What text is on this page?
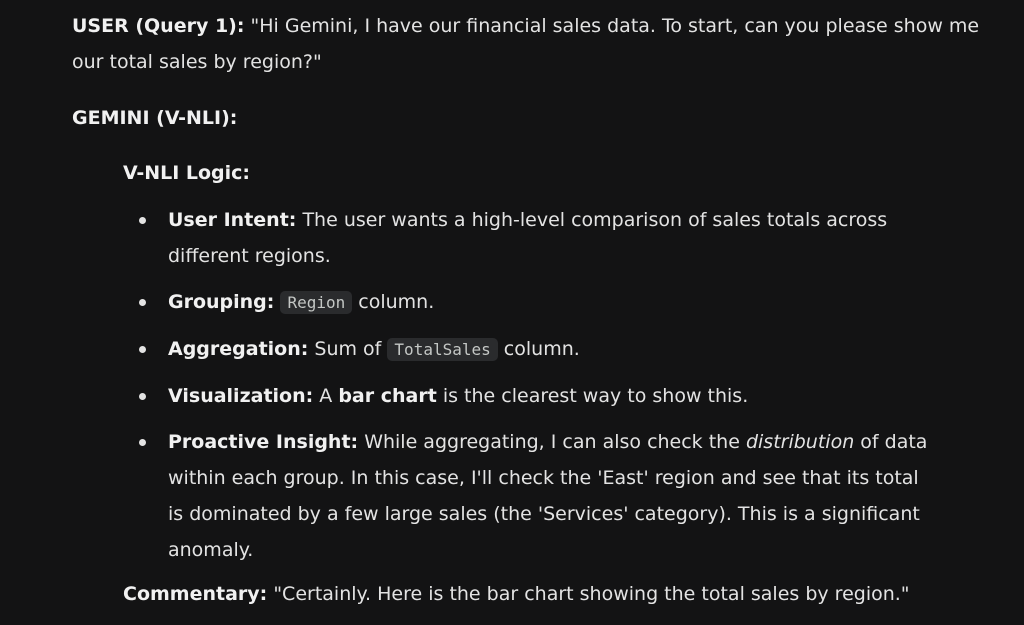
USER (Query 1): "Hi Gemini, I have our financial sales data. To start, can you please show me our total sales by region?"

GEMINI (V-NLI):

V-NLI Logic:

User Intent: The user wants a high-level comparison of sales totals across different regions.
Grouping: Region column.
Aggregation: Sum of TotalSales column.
Visualization: A bar chart is the clearest way to show this.
Proactive Insight: While aggregating, I can also check the distribution of data within each group. In this case, I'll check the 'East' region and see that its total is dominated by a few large sales (the 'Services' category). This is a significant anomaly.

Commentary: "Certainly. Here is the bar chart showing the total sales by region."
